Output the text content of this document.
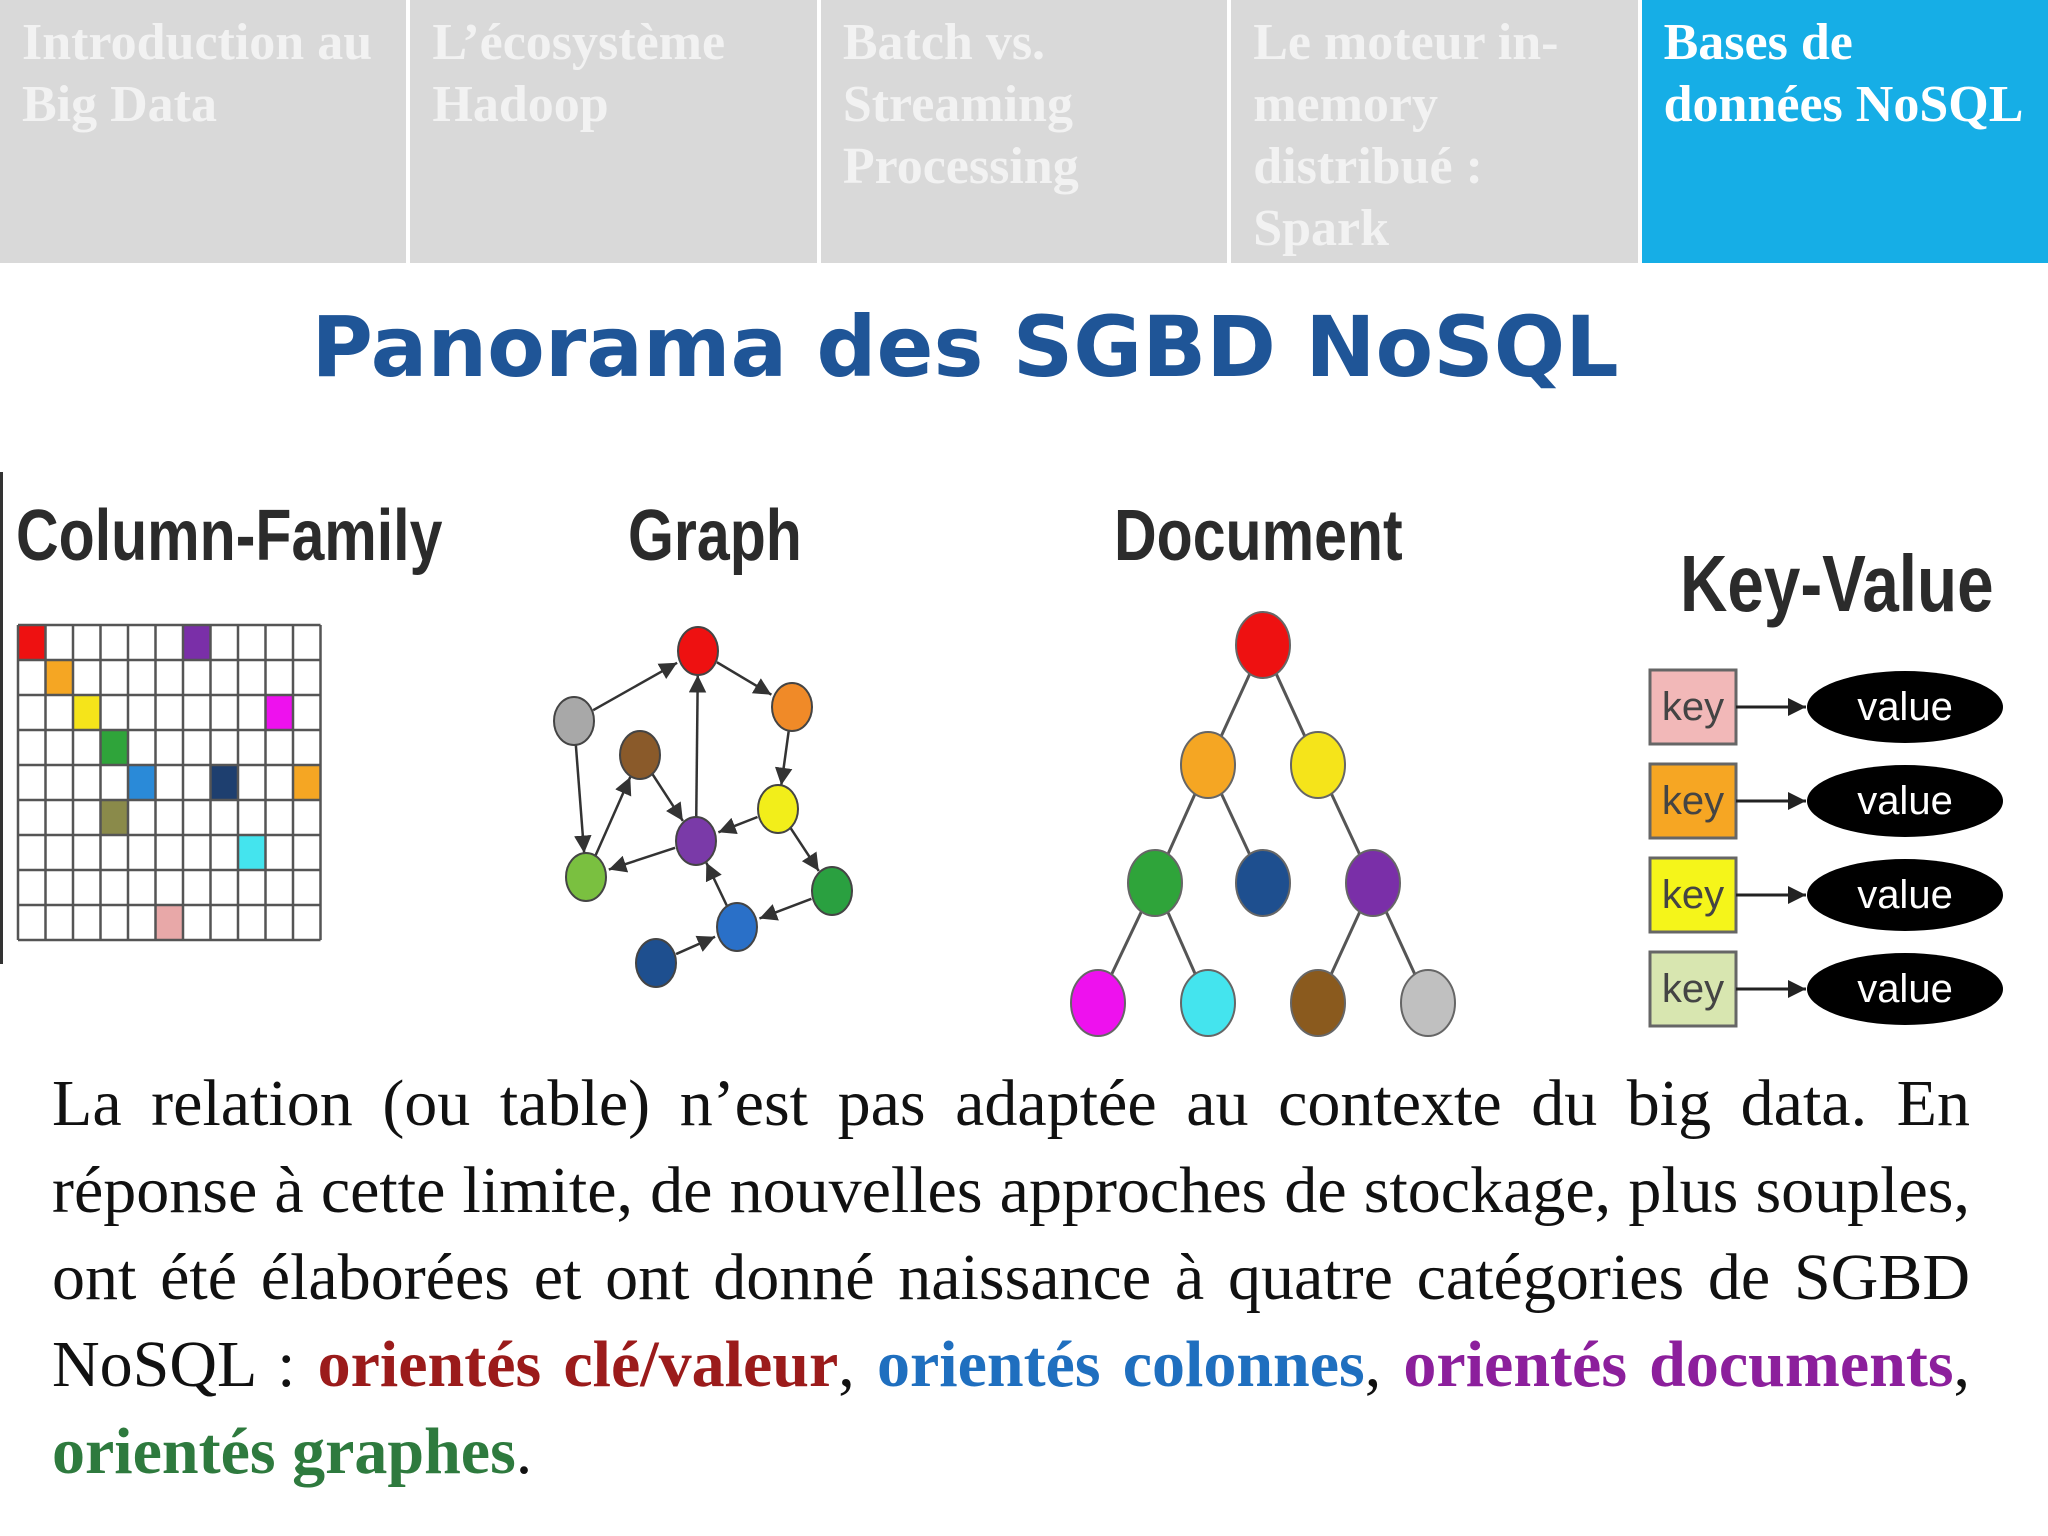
Introduction au Big Data
L’écosystème Hadoop
Batch vs. Streaming Processing
Le moteur in-memory distribué : Spark
Bases de données NoSQL
Panorama des SGBD NoSQL
Column-Family	Graph	Document
Key-Value
key	value
key	value
key	value
key	value
La relation (ou table) n’est pas adaptée au contexte du big data. En réponse à cette limite, de nouvelles approches de stockage, plus souples, ont été élaborées et ont donné naissance à quatre catégories de SGBD NoSQL : orientés clé/valeur, orientés colonnes, orientés documents, orientés graphes.
